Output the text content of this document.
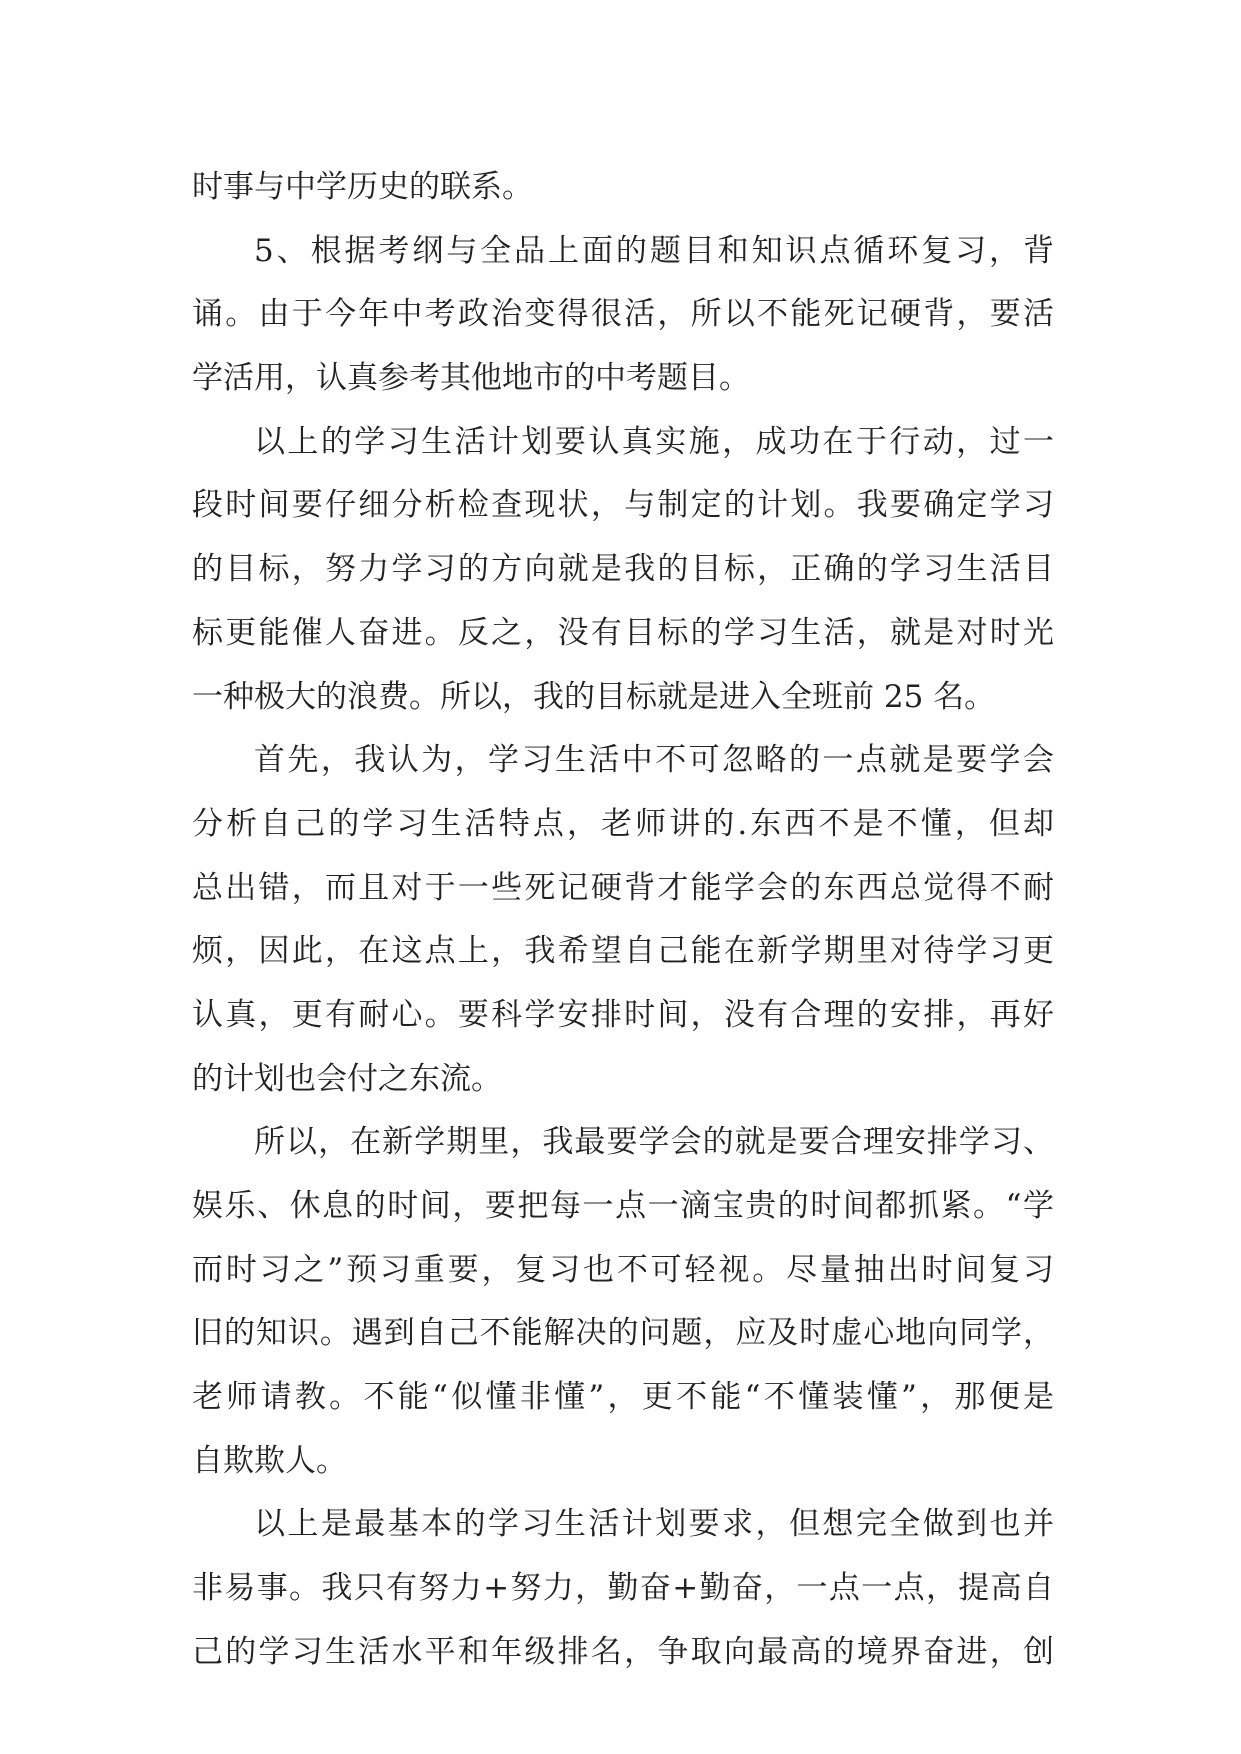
时事与中学历史的联系。
5、根据考纲与全品上面的题目和知识点循环复习，背
诵。由于今年中考政治变得很活，所以不能死记硬背，要活
学活用，认真参考其他地市的中考题目。
以上的学习生活计划要认真实施，成功在于行动，过一
段时间要仔细分析检查现状，与制定的计划。我要确定学习
的目标，努力学习的方向就是我的目标，正确的学习生活目
标更能催人奋进。反之，没有目标的学习生活，就是对时光
一种极大的浪费。所以，我的目标就是进入全班前 25 名。
首先，我认为，学习生活中不可忽略的一点就是要学会
分析自己的学习生活特点，老师讲的.东西不是不懂，但却
总出错，而且对于一些死记硬背才能学会的东西总觉得不耐
烦，因此，在这点上，我希望自己能在新学期里对待学习更
认真，更有耐心。要科学安排时间，没有合理的安排，再好
的计划也会付之东流。
所以，在新学期里，我最要学会的就是要合理安排学习、
娱乐、休息的时间，要把每一点一滴宝贵的时间都抓紧。“学
而时习之”预习重要，复习也不可轻视。尽量抽出时间复习
旧的知识。遇到自己不能解决的问题，应及时虚心地向同学，
老师请教。不能“似懂非懂”，更不能“不懂装懂”，那便是
自欺欺人。
以上是最基本的学习生活计划要求，但想完全做到也并
非易事。我只有努力+努力，勤奋+勤奋，一点一点，提高自
己的学习生活水平和年级排名，争取向最高的境界奋进，创
